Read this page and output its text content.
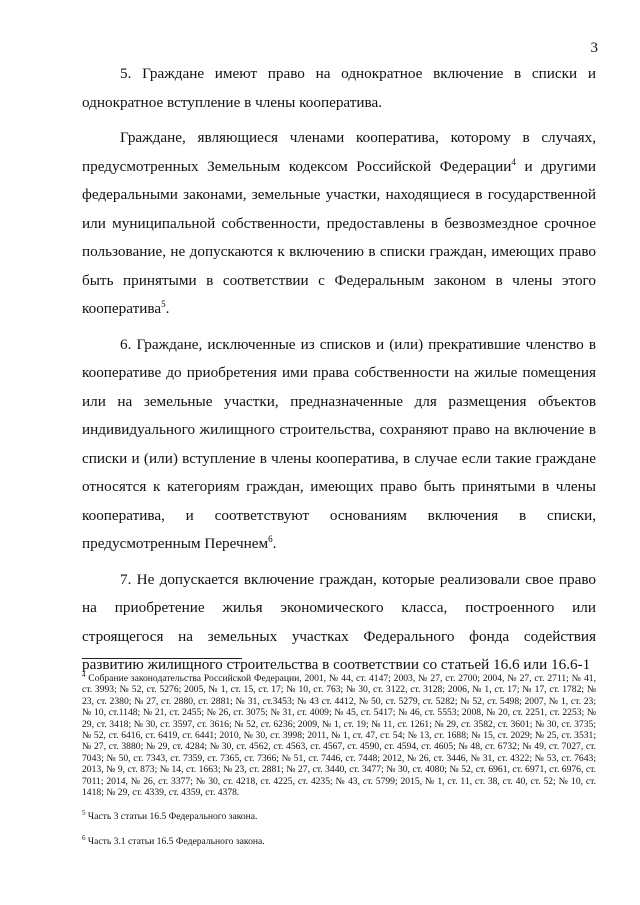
3

5. Граждане имеют право на однократное включение в списки и однократное вступление в члены кооператива.

Граждане, являющиеся членами кооператива, которому в случаях, предусмотренных Земельным кодексом Российской Федерации$^4$ и другими федеральными законами, земельные участки, находящиеся в государственной или муниципальной собственности, предоставлены в безвозмездное срочное пользование, не допускаются к включению в списки граждан, имеющих право быть принятыми в соответствии с Федеральным законом в члены этого кооператива$^5$.

6. Граждане, исключенные из списков и (или) прекратившие членство в кооперативе до приобретения ими права собственности на жилые помещения или на земельные участки, предназначенные для размещения объектов индивидуального жилищного строительства, сохраняют право на включение в списки и (или) вступление в члены кооператива, в случае если такие граждане относятся к категориям граждан, имеющих право быть принятыми в члены кооператива, и соответствуют основаниям включения в списки, предусмотренным Перечнем$^6$.

7. Не допускается включение граждан, которые реализовали свое право на приобретение жилья экономического класса, построенного или строящегося на земельных участках Федерального фонда содействия развитию жилищного строительства в соответствии со статьей 16.6 или 16.6-1

$^4$ Собрание законодательства Российской Федерации, 2001, № 44, ст. 4147; 2003, № 27, ст. 2700; 2004, № 27, ст. 2711; № 41, ст. 3993; № 52, ст. 5276; 2005, № 1, ст. 15, ст. 17; № 10, ст. 763; № 30, ст. 3122, ст. 3128; 2006, № 1, ст. 17; № 17, ст. 1782; № 23, ст. 2380; № 27, ст. 2880, ст. 2881; № 31, ст.3453; № 43 ст. 4412, № 50, ст. 5279, ст. 5282; № 52, ст. 5498; 2007, № 1, ст. 23; № 10, ст.1148; № 21, ст. 2455; № 26, ст. 3075; № 31, ст. 4009; № 45, ст. 5417; № 46, ст. 5553; 2008, № 20, ст. 2251, ст. 2253; № 29, ст. 3418; № 30, ст. 3597, ст. 3616; № 52, ст. 6236; 2009, № 1, ст. 19; № 11, ст. 1261; № 29, ст. 3582, ст. 3601; № 30, ст. 3735; № 52, ст. 6416, ст. 6419, ст. 6441; 2010, № 30, ст. 3998; 2011, № 1, ст. 47, ст. 54; № 13, ст. 1688; № 15, ст. 2029; № 25, ст. 3531; № 27, ст. 3880; № 29, ст. 4284; № 30, ст. 4562, ст. 4563, ст. 4567, ст. 4590, ст. 4594, ст. 4605; № 48, ст. 6732; № 49, ст. 7027, ст. 7043; № 50, ст. 7343, ст. 7359, ст. 7365, ст. 7366; № 51, ст. 7446, ст. 7448; 2012, № 26, ст. 3446, № 31, ст. 4322; № 53, ст. 7643; 2013, № 9, ст. 873; № 14, ст. 1663; № 23, ст. 2881; № 27, ст. 3440, ст. 3477; № 30, ст. 4080; № 52, ст. 6961, ст. 6971, ст. 6976, ст. 7011; 2014, № 26, ст. 3377; № 30, ст. 4218, ст. 4225, ст. 4235; № 43, ст. 5799; 2015, № 1, ст. 11, ст. 38, ст. 40, ст. 52; № 10, ст. 1418; № 29, ст. 4339, ст. 4359, ст. 4378.
$^5$ Часть 3 статьи 16.5 Федерального закона.
$^6$ Часть 3.1 статьи 16.5 Федерального закона.
